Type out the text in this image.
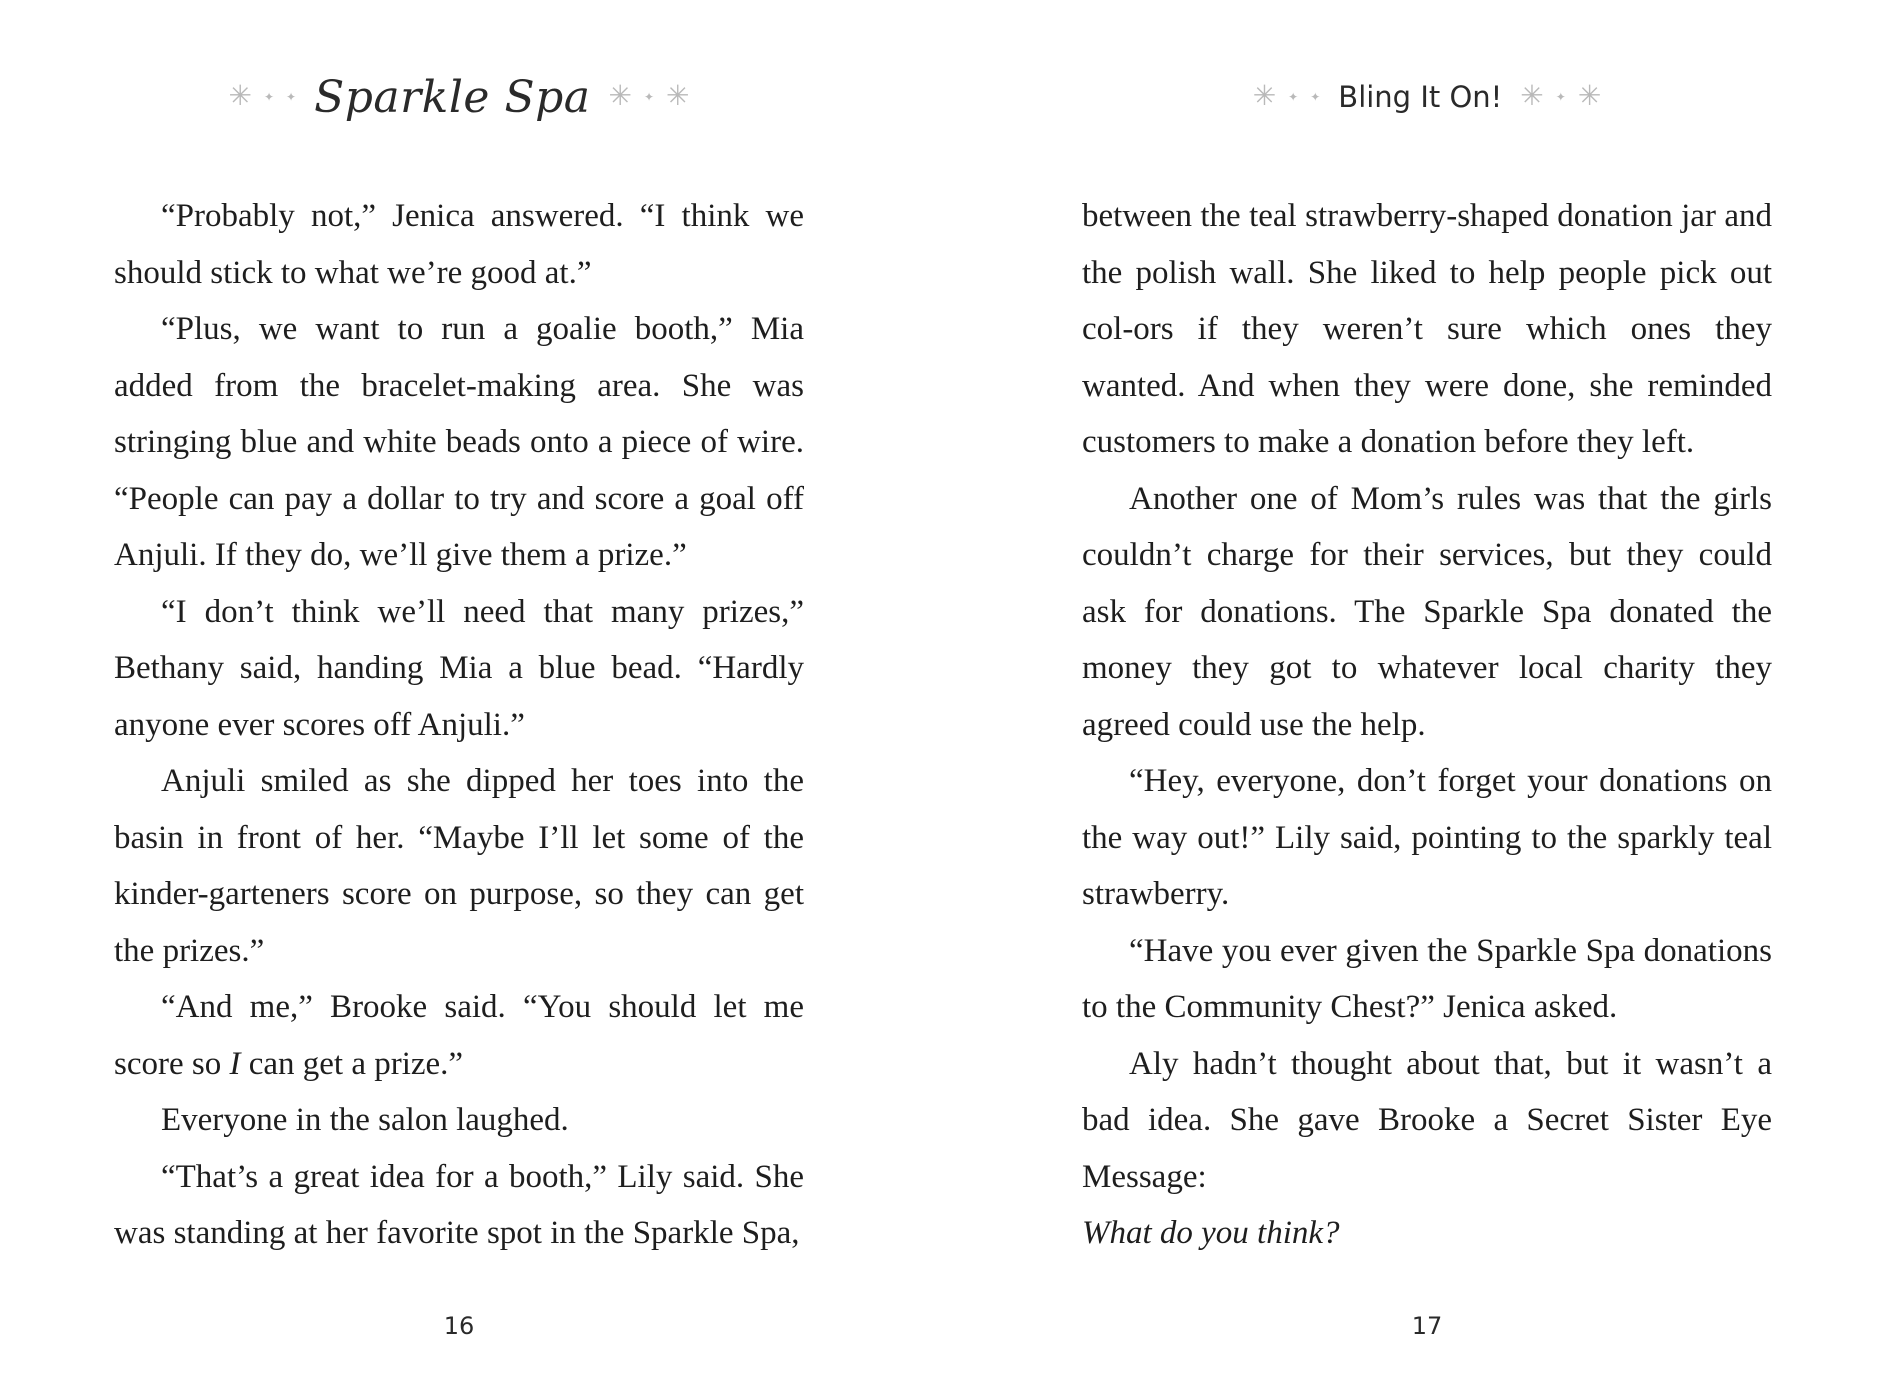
✳ ✦ ✦ Sparkle Spa ✳ ✦ ✳

“Probably not,” Jenica answered. “I think we should stick to what we’re good at.”

“Plus, we want to run a goalie booth,” Mia added from the bracelet-making area. She was stringing blue and white beads onto a piece of wire. “People can pay a dollar to try and score a goal off Anjuli. If they do, we’ll give them a prize.”

“I don’t think we’ll need that many prizes,” Bethany said, handing Mia a blue bead. “Hardly anyone ever scores off Anjuli.”

Anjuli smiled as she dipped her toes into the basin in front of her. “Maybe I’ll let some of the kinder-garteners score on purpose, so they can get the prizes.”

“And me,” Brooke said. “You should let me score so I can get a prize.”

Everyone in the salon laughed.

“That’s a great idea for a booth,” Lily said. She was standing at her favorite spot in the Sparkle Spa,

16
✳ ✦ ✦ Bling It On! ✳ ✦ ✳

between the teal strawberry-shaped donation jar and the polish wall. She liked to help people pick out col-ors if they weren’t sure which ones they wanted. And when they were done, she reminded customers to make a donation before they left.

Another one of Mom’s rules was that the girls couldn’t charge for their services, but they could ask for donations. The Sparkle Spa donated the money they got to whatever local charity they agreed could use the help.

“Hey, everyone, don’t forget your donations on the way out!” Lily said, pointing to the sparkly teal strawberry.

“Have you ever given the Sparkle Spa donations to the Community Chest?” Jenica asked.

Aly hadn’t thought about that, but it wasn’t a bad idea. She gave Brooke a Secret Sister Eye Message:

What do you think?

17
